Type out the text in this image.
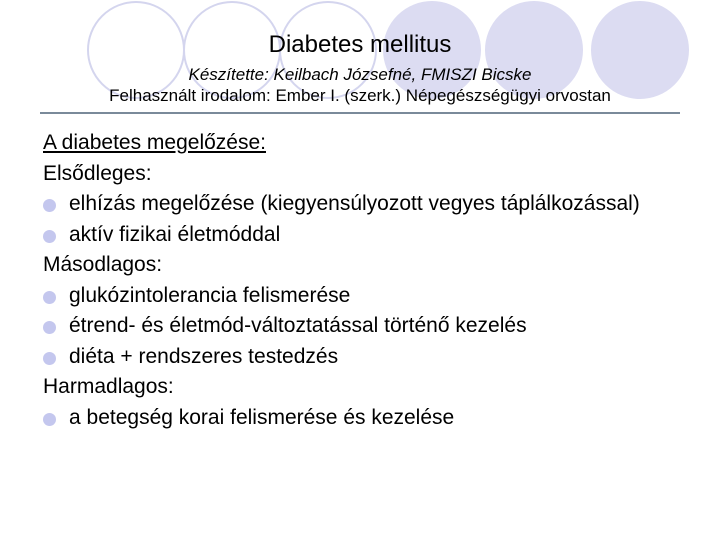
Diabetes mellitus
Készítette: Keilbach Józsefné, FMISZI Bicske
Felhasznált irodalom: Ember I. (szerk.) Népegészségügyi orvostan
A diabetes megelőzése:
Elsődleges:
elhízás megelőzése (kiegyensúlyozott vegyes táplálkozással)
aktív fizikai életmóddal
Másodlagos:
glukózintolerancia felismerése
étrend- és életmód-változtatással történő kezelés
diéta + rendszeres testedzés
Harmadlagos:
a betegség korai felismerése és kezelése
